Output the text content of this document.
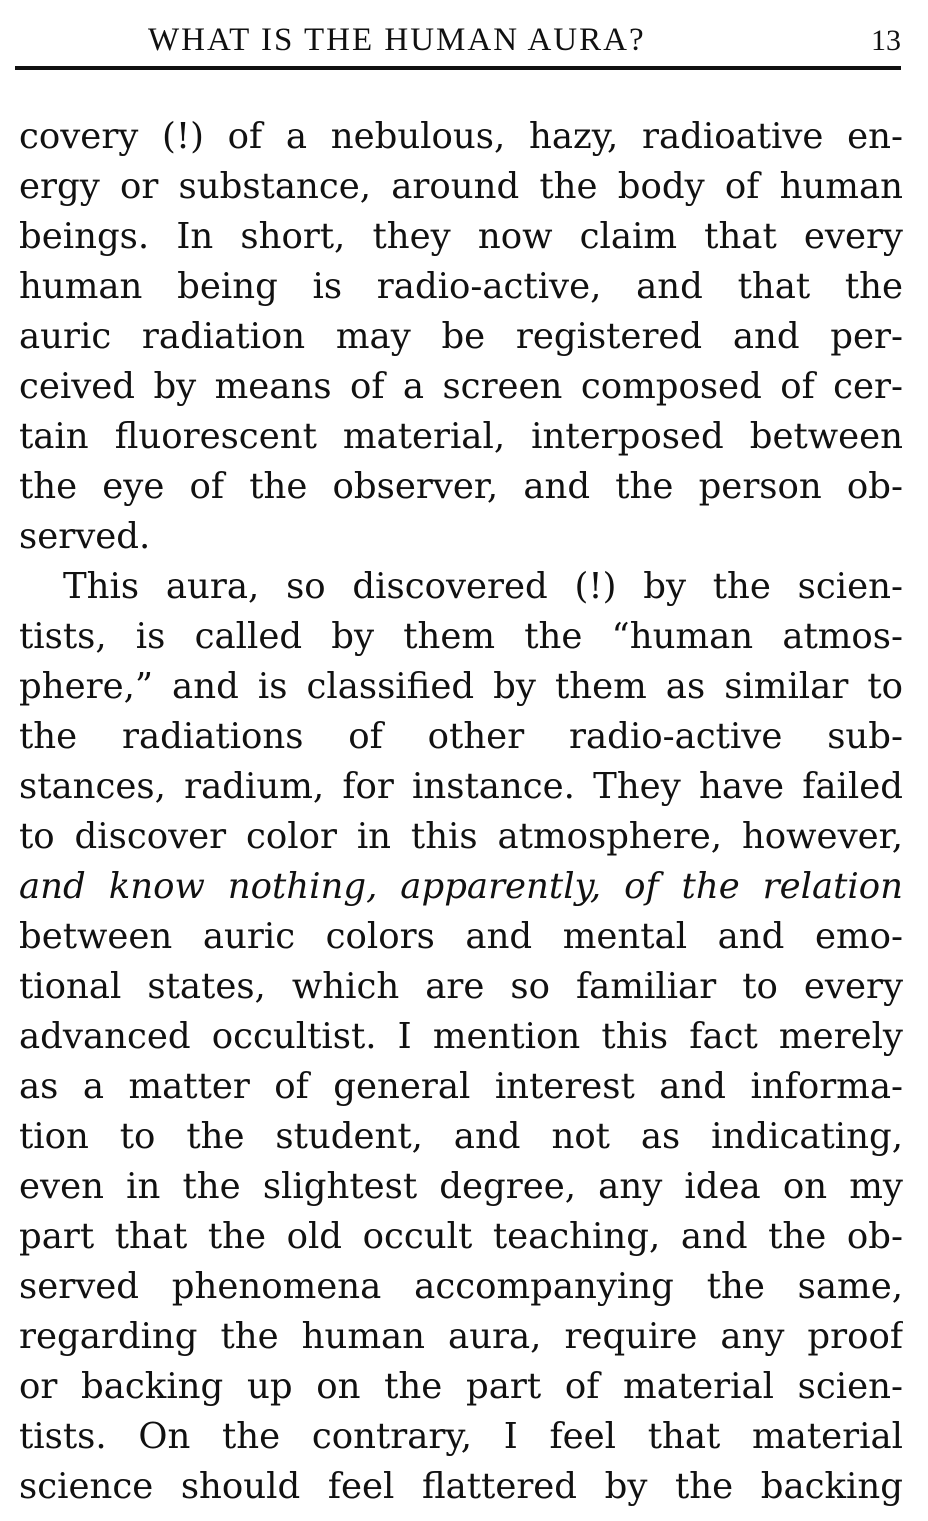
WHAT IS THE HUMAN AURA?	13
covery (!) of a nebulous, hazy, radioative en-
ergy or substance, around the body of human
beings. In short, they now claim that every
human being is radio-active, and that the
auric radiation may be registered and per-
ceived by means of a screen composed of cer-
tain fluorescent material, interposed between
the eye of the observer, and the person ob-
served.
This aura, so discovered (!) by the scien-
tists, is called by them the “human atmos-
phere,” and is classified by them as similar to
the radiations of other radio-active sub-
stances, radium, for instance. They have failed
to discover color in this atmosphere, however,
and know nothing, apparently, of the relation
between auric colors and mental and emo-
tional states, which are so familiar to every
advanced occultist. I mention this fact merely
as a matter of general interest and informa-
tion to the student, and not as indicating,
even in the slightest degree, any idea on my
part that the old occult teaching, and the ob-
served phenomena accompanying the same,
regarding the human aura, require any proof
or backing up on the part of material scien-
tists. On the contrary, I feel that material
science should feel flattered by the backing
